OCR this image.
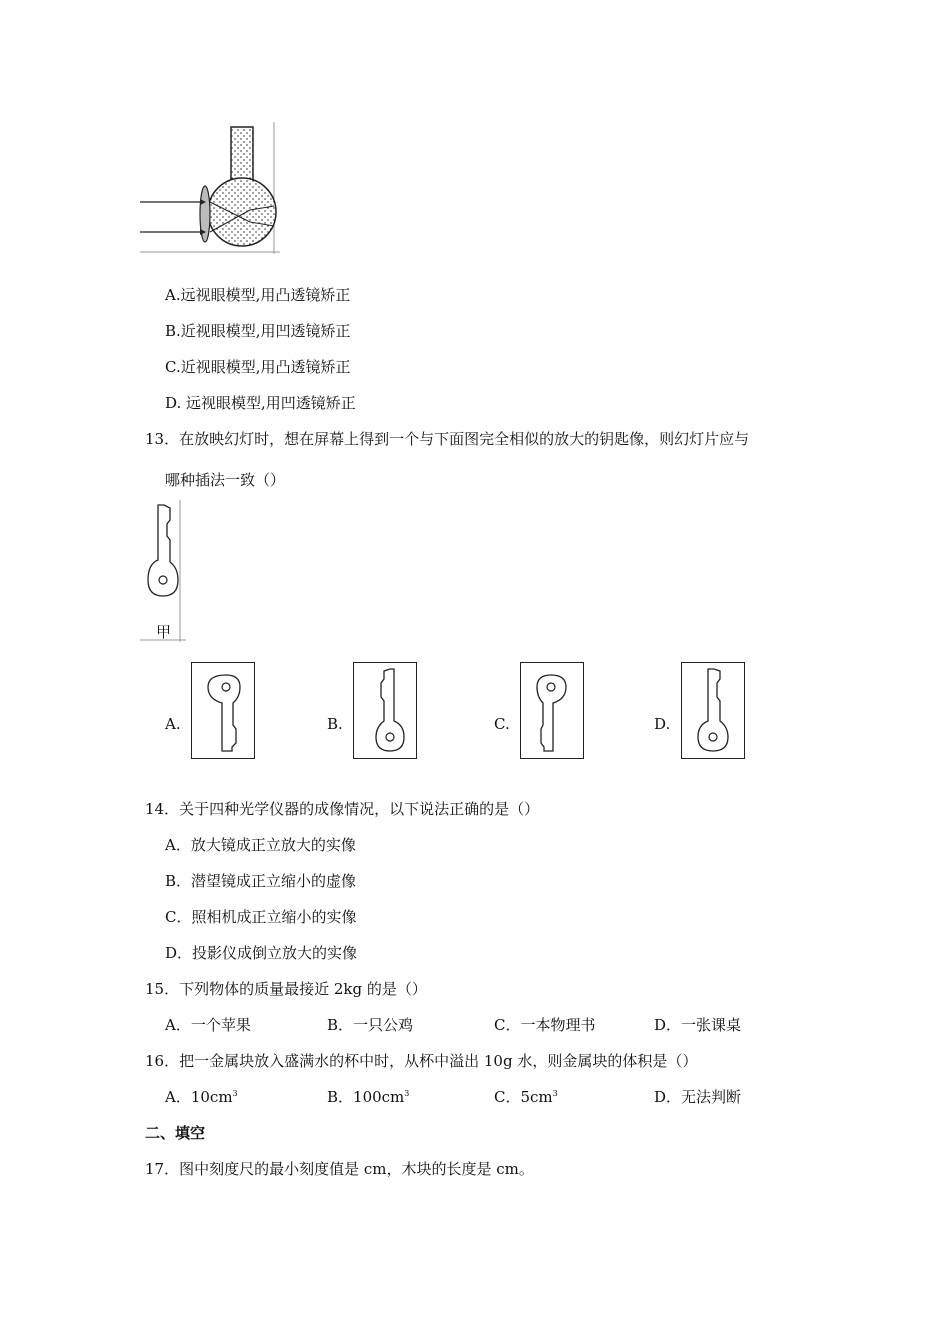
A.远视眼模型,用凸透镜矫正
B.近视眼模型,用凹透镜矫正
C.近视眼模型,用凸透镜矫正
D. 远视眼模型,用凹透镜矫正
13．在放映幻灯时，想在屏幕上得到一个与下面图完全相似的放大的钥匙像，则幻灯片应与
哪种插法一致（）
甲
A.	B.	C.	D.
14．关于四种光学仪器的成像情况，以下说法正确的是（）
A．放大镜成正立放大的实像
B．潜望镜成正立缩小的虚像
C．照相机成正立缩小的实像
D．投影仪成倒立放大的实像
15．下列物体的质量最接近 2kg 的是（）
A．一个苹果	B．一只公鸡	C．一本物理书	D．一张课桌
16．把一金属块放入盛满水的杯中时，从杯中溢出 10g 水，则金属块的体积是（）
A．$10cm^3$	B．$100cm^3$	C．$5cm^3$	D．无法判断
二、填空
17．图中刻度尺的最小刻度值是 cm，木块的长度是 cm。
